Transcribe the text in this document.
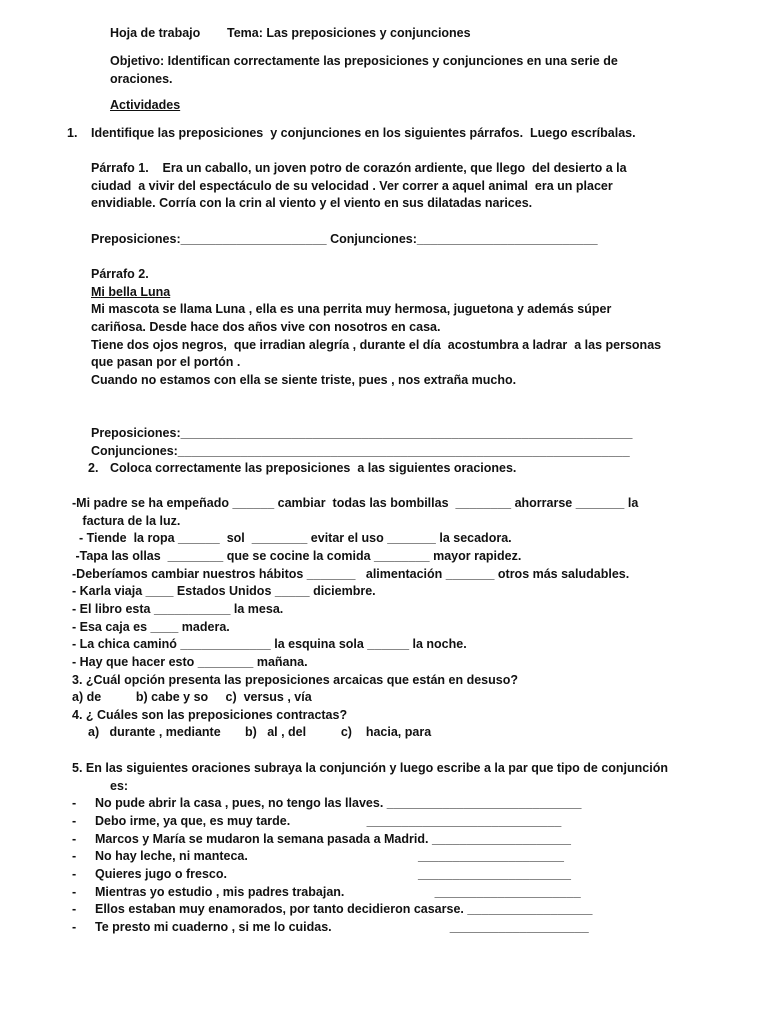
Hoja de trabajo Tema: Las preposiciones y conjunciones
Objetivo: Identifican correctamente las preposiciones y conjunciones en una serie de
oraciones.
Actividades
1. Identifique las preposiciones  y conjunciones en los siguientes párrafos.  Luego escríbalas.
Párrafo 1.    Era un caballo, un joven potro de corazón ardiente, que llego  del desierto a la
ciudad  a vivir del espectáculo de su velocidad . Ver correr a aquel animal  era un placer
envidiable. Corría con la crin al viento y el viento en sus dilatadas narices.
Preposiciones:_____________________ Conjunciones:__________________________
Párrafo 2.
Mi bella Luna
Mi mascota se llama Luna , ella es una perrita muy hermosa, juguetona y además súper
cariñosa. Desde hace dos años vive con nosotros en casa.
Tiene dos ojos negros,  que irradian alegría , durante el día  acostumbra a ladrar  a las personas
que pasan por el portón .
Cuando no estamos con ella se siente triste, pues , nos extraña mucho.
Preposiciones:_________________________________________________________________
Conjunciones:_________________________________________________________________
2. Coloca correctamente las preposiciones  a las siguientes oraciones.
-Mi padre se ha empeñado ______ cambiar  todas las bombillas  ________ ahorrarse _______ la
factura de la luz.
- Tiende  la ropa ______  sol  ________ evitar el uso _______ la secadora.
-Tapa las ollas  ________ que se cocine la comida ________ mayor rapidez.
-Deberíamos cambiar nuestros hábitos _______   alimentación _______ otros más saludables.
- Karla viaja ____ Estados Unidos _____ diciembre.
- El libro esta ___________ la mesa.
- Esa caja es ____ madera.
- La chica caminó _____________ la esquina sola ______ la noche.
- Hay que hacer esto ________ mañana.
3. ¿Cuál opción presenta las preposiciones arcaicas que están en desuso?
a) de          b) cabe y so     c)  versus , vía
4. ¿ Cuáles son las preposiciones contractas?
a)   durante , mediante       b)   al , del          c)    hacia, para
5. En las siguientes oraciones subraya la conjunción y luego escribe a la par que tipo de conjunción
es:
- No pude abrir la casa , pues, no tengo las llaves. ____________________________
- Debo irme, ya que, es muy tarde.                      ____________________________
- Marcos y María se mudaron la semana pasada a Madrid. ____________________
- No hay leche, ni manteca.                                                 _____________________
- Quieres jugo o fresco.                                                       ______________________
- Mientras yo estudio , mis padres trabajan.                          _____________________
- Ellos estaban muy enamorados, por tanto decidieron casarse. __________________
- Te presto mi cuaderno , si me lo cuidas.                                  ____________________
